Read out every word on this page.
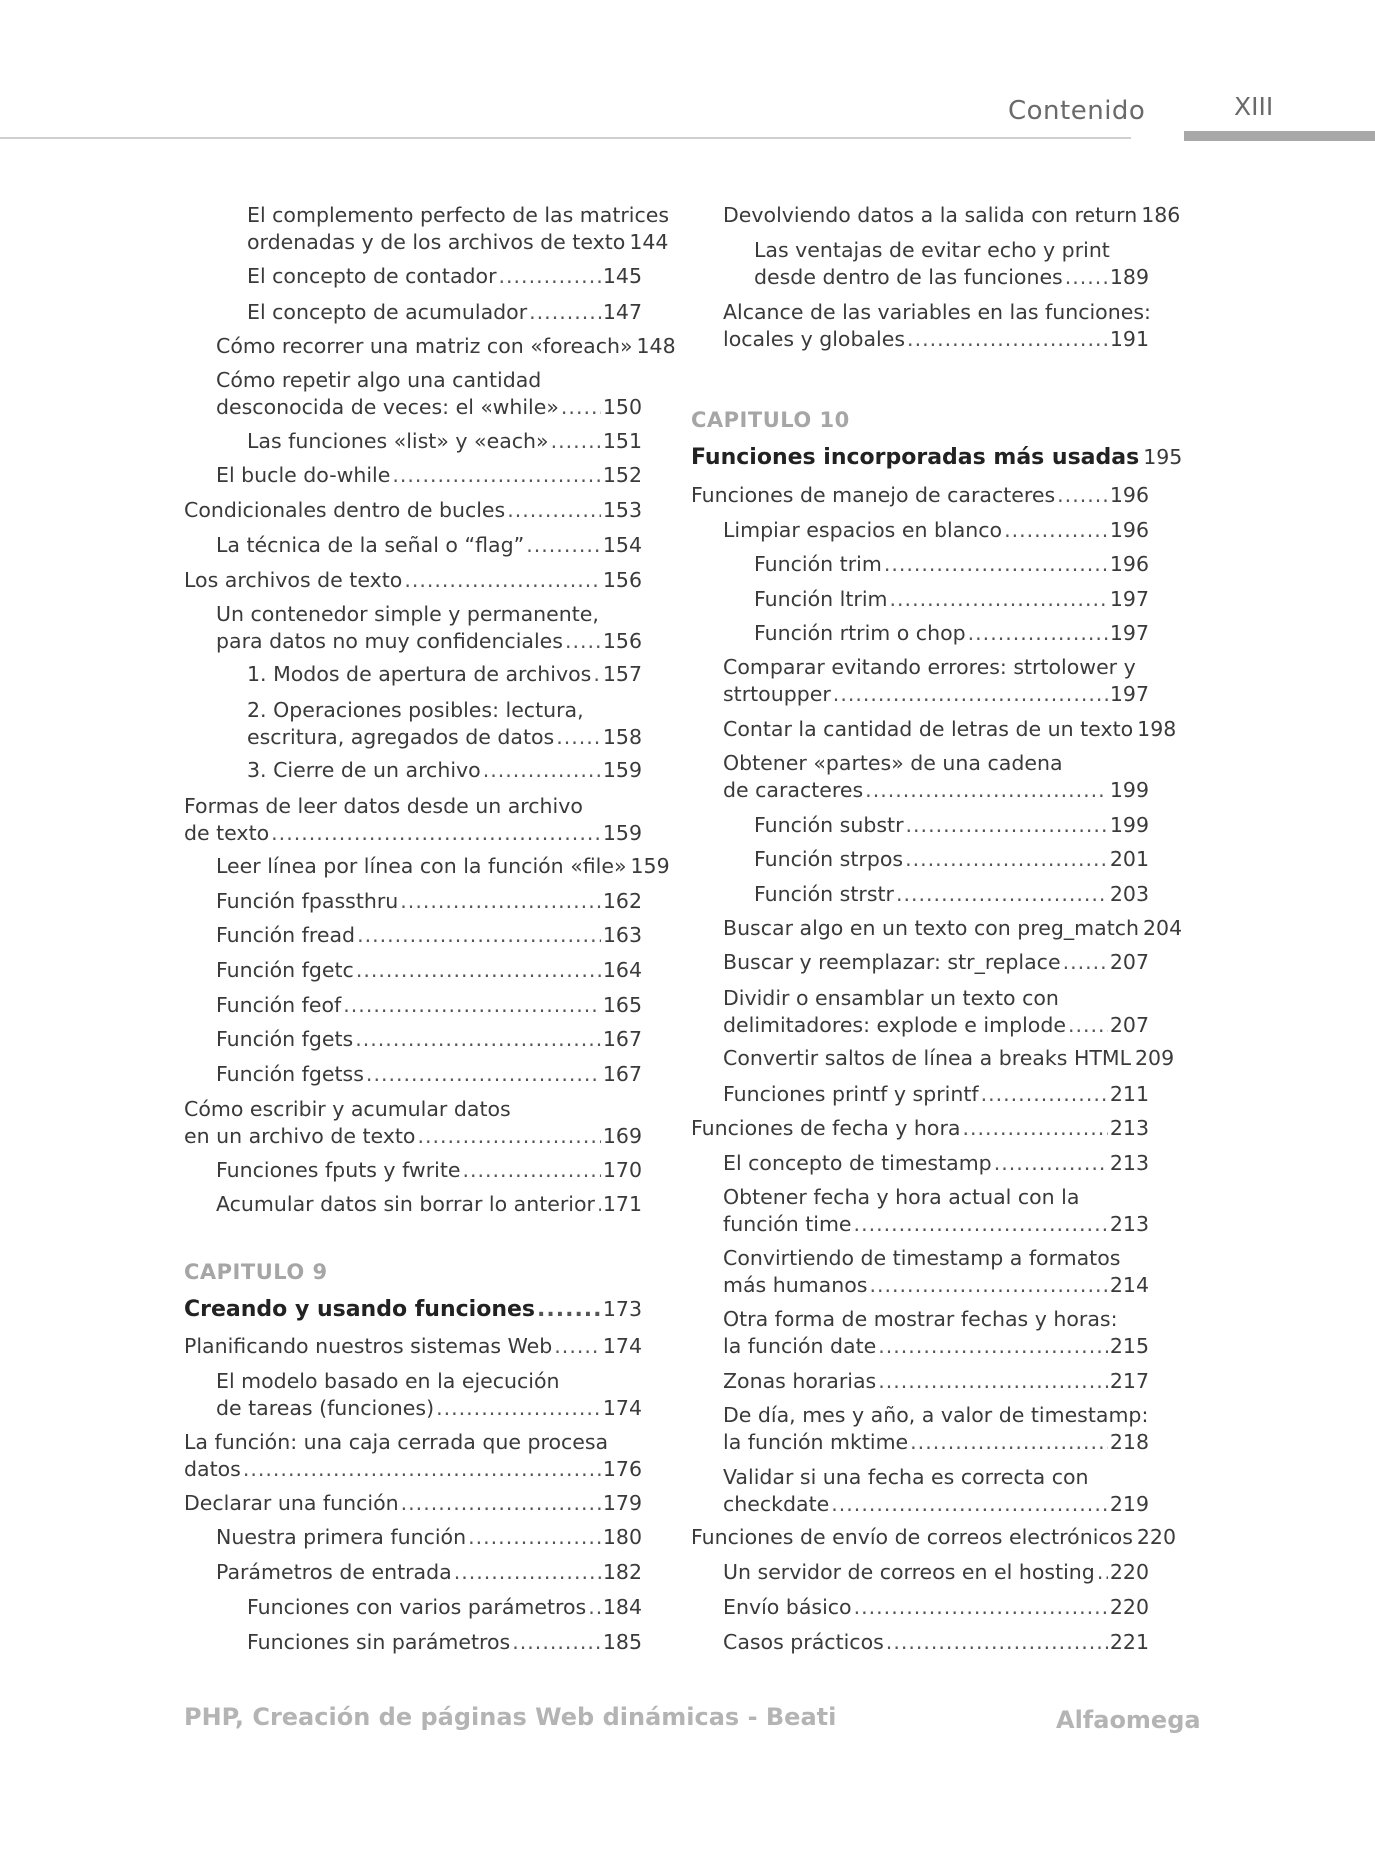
Contenido	XIII
El complemento perfecto de las matrices
ordenadas y de los archivos de texto 144
El concepto de contador .....	145
El concepto de acumulador .....	147
Cómo recorrer una matriz con «foreach» 148
Cómo repetir algo una cantidad
desconocida de veces: el «while» ..... 150
Las funciones «list» y «each» .....	151
El bucle do-while .....	152
Condicionales dentro de bucles .....	153
La técnica de la señal o “flag” .....	154
Los archivos de texto .....	156
Un contenedor simple y permanente,
para datos no muy confidenciales ..... 156
1. Modos de apertura de archivos ..... 157
2. Operaciones posibles: lectura,
escritura, agregados de datos ..... 158
3. Cierre de un archivo .....	159
Formas de leer datos desde un archivo
de texto .....	159
Leer línea por línea con la función «file» 159
Función fpassthru .....	162
Función fread .....	163
Función fgetc .....	164
Función feof .....	165
Función fgets .....	167
Función fgetss .....	167
Cómo escribir y acumular datos
en un archivo de texto .....	169
Funciones fputs y fwrite .....	170
Acumular datos sin borrar lo anterior ..... 171
CAPITULO 9
Creando y usando funciones .....	173
Planificando nuestros sistemas Web ..... 174
El modelo basado en la ejecución
de tareas (funciones) .....	174
La función: una caja cerrada que procesa
datos .....	176
Declarar una función .....	179
Nuestra primera función .....	180
Parámetros de entrada .....	182
Funciones con varios parámetros ..... 184
Funciones sin parámetros .....	185
Devolviendo datos a la salida con return 186
Las ventajas de evitar echo y print
desde dentro de las funciones ..... 189
Alcance de las variables en las funciones:
locales y globales .....	191
CAPITULO 10
Funciones incorporadas más usadas 195
Funciones de manejo de caracteres .....	196
Limpiar espacios en blanco .....	196
Función trim .....	196
Función ltrim .....	197
Función rtrim o chop .....	197
Comparar evitando errores: strtolower y
strtoupper .....	197
Contar la cantidad de letras de un texto 198
Obtener «partes» de una cadena
de caracteres .....	199
Función substr .....	199
Función strpos .....	201
Función strstr .....	203
Buscar algo en un texto con preg_match 204
Buscar y reemplazar: str_replace ..... 207
Dividir o ensamblar un texto con
delimitadores: explode e implode ..... 207
Convertir saltos de línea a breaks HTML 209
Funciones printf y sprintf .....	211
Funciones de fecha y hora .....	213
El concepto de timestamp .....	213
Obtener fecha y hora actual con la
función time .....	213
Convirtiendo de timestamp a formatos
más humanos .....	214
Otra forma de mostrar fechas y horas:
la función date .....	215
Zonas horarias .....	217
De día, mes y año, a valor de timestamp:
la función mktime .....	218
Validar si una fecha es correcta con
checkdate .....	219
Funciones de envío de correos electrónicos 220
Un servidor de correos en el hosting ..... 220
Envío básico .....	220
Casos prácticos .....	221
PHP, Creación de páginas Web dinámicas - Beati	Alfaomega
